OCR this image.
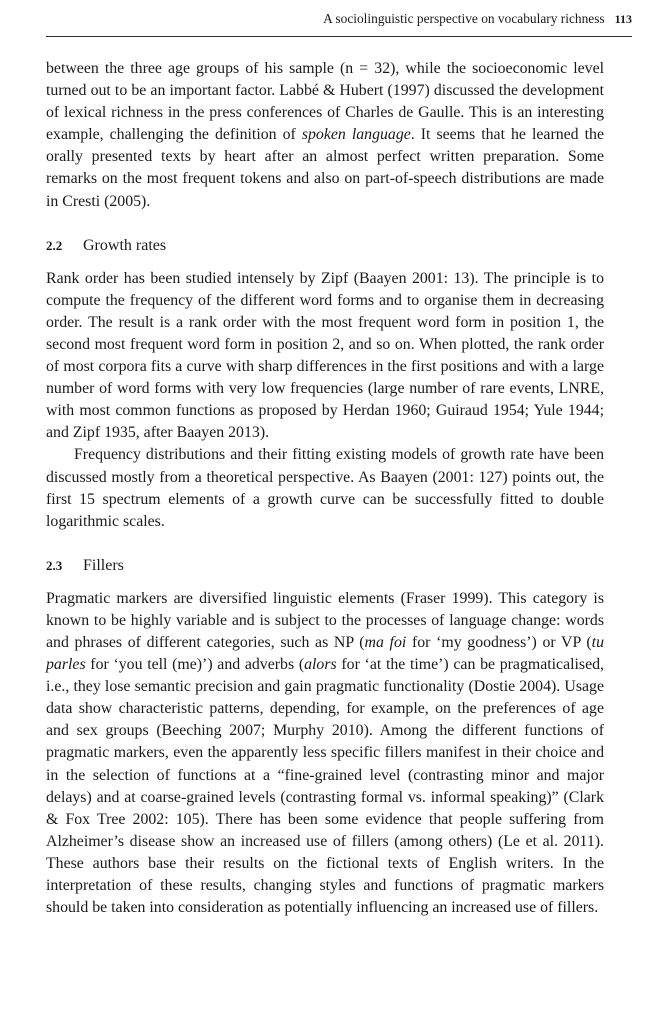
A sociolinguistic perspective on vocabulary richness 113

between the three age groups of his sample (n = 32), while the socioeconomic level turned out to be an important factor. Labbé & Hubert (1997) discussed the development of lexical richness in the press conferences of Charles de Gaulle. This is an interesting example, challenging the definition of spoken language. It seems that he learned the orally presented texts by heart after an almost perfect written preparation. Some remarks on the most frequent tokens and also on part-of-speech distributions are made in Cresti (2005).

2.2 Growth rates

Rank order has been studied intensely by Zipf (Baayen 2001: 13). The principle is to compute the frequency of the different word forms and to organise them in decreasing order. The result is a rank order with the most frequent word form in position 1, the second most frequent word form in position 2, and so on. When plotted, the rank order of most corpora fits a curve with sharp differences in the first positions and with a large number of word forms with very low frequencies (large number of rare events, LNRE, with most common functions as proposed by Herdan 1960; Guiraud 1954; Yule 1944; and Zipf 1935, after Baayen 2013).

Frequency distributions and their fitting existing models of growth rate have been discussed mostly from a theoretical perspective. As Baayen (2001: 127) points out, the first 15 spectrum elements of a growth curve can be successfully fitted to double logarithmic scales.

2.3 Fillers

Pragmatic markers are diversified linguistic elements (Fraser 1999). This category is known to be highly variable and is subject to the processes of language change: words and phrases of different categories, such as NP (ma foi for ‘my goodness’) or VP (tu parles for ‘you tell (me)’) and adverbs (alors for ‘at the time’) can be pragmaticalised, i.e., they lose semantic precision and gain pragmatic functionality (Dostie 2004). Usage data show characteristic patterns, depending, for example, on the preferences of age and sex groups (Beeching 2007; Murphy 2010). Among the different functions of pragmatic markers, even the apparently less specific fillers manifest in their choice and in the selection of functions at a “fine-grained level (contrasting minor and major delays) and at coarse-grained levels (contrasting formal vs. informal speaking)” (Clark & Fox Tree 2002: 105). There has been some evidence that people suffering from Alzheimer’s disease show an increased use of fillers (among others) (Le et al. 2011). These authors base their results on the fictional texts of English writers. In the interpretation of these results, changing styles and functions of pragmatic markers should be taken into consideration as potentially influencing an increased use of fillers.
